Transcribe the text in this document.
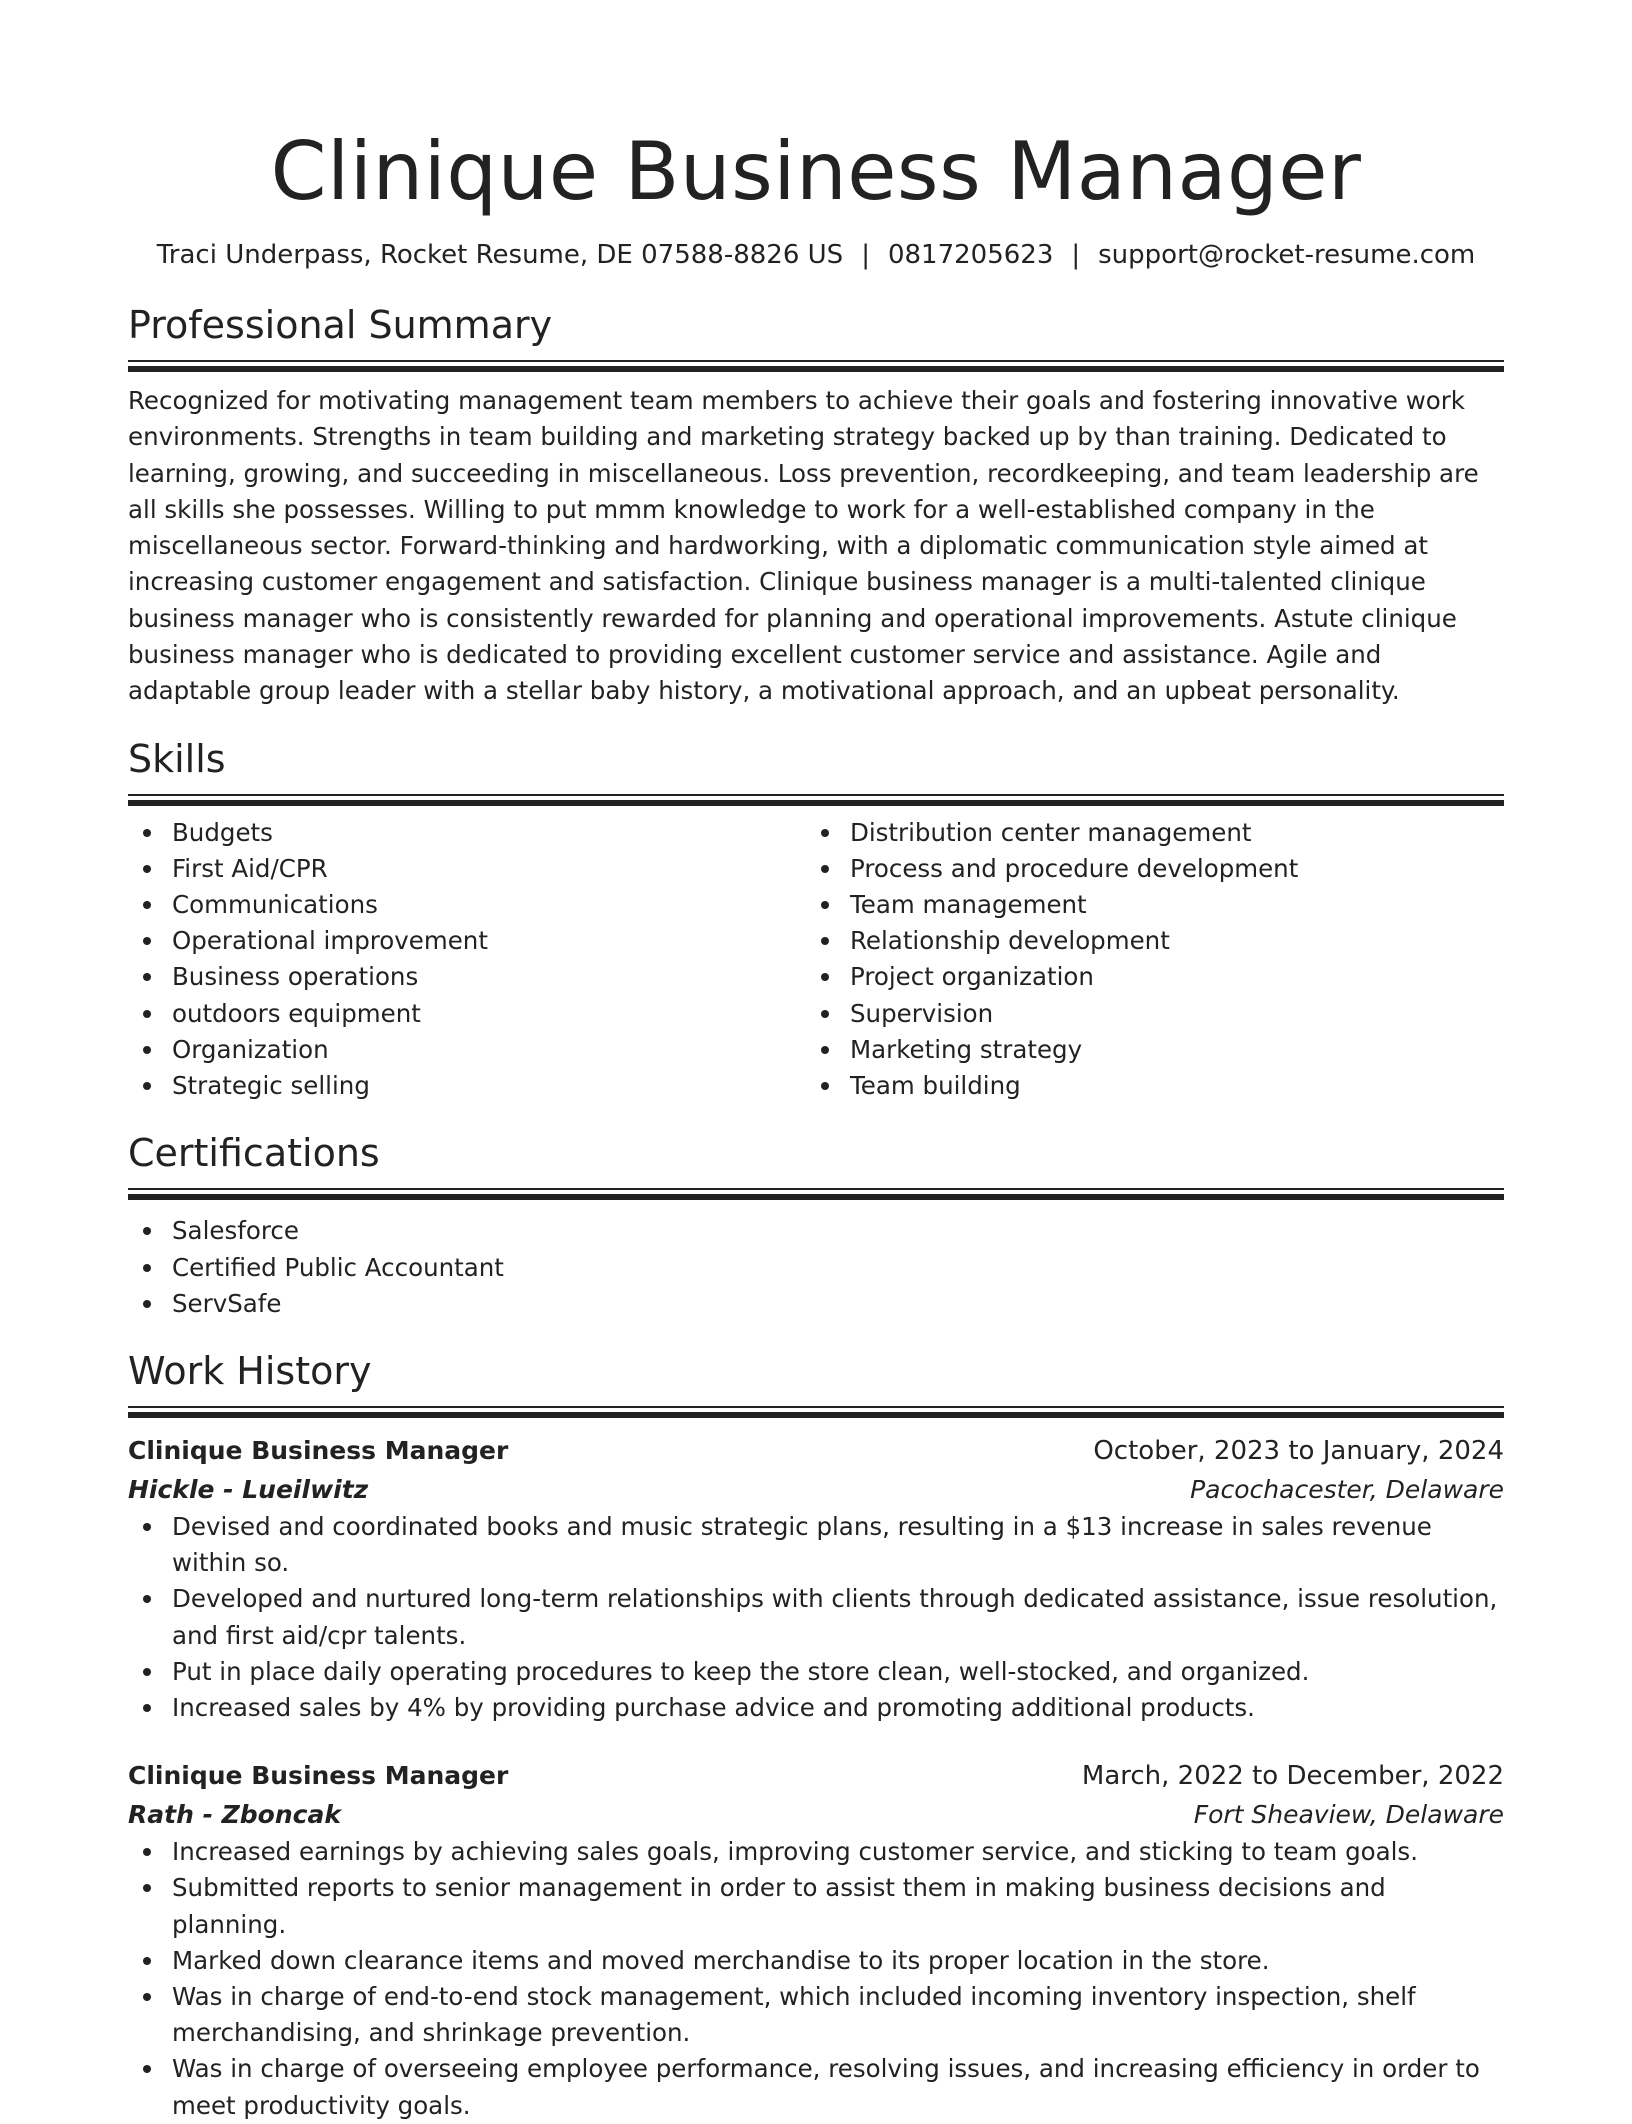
Clinique Business Manager
Traci Underpass, Rocket Resume, DE 07588-8826 US | 0817205623 | support@rocket-resume.com
Professional Summary

Recognized for motivating management team members to achieve their goals and fostering innovative work environments. Strengths in team building and marketing strategy backed up by than training. Dedicated to learning, growing, and succeeding in miscellaneous. Loss prevention, recordkeeping, and team leadership are all skills she possesses. Willing to put mmm knowledge to work for a well-established company in the miscellaneous sector. Forward-thinking and hardworking, with a diplomatic communication style aimed at increasing customer engagement and satisfaction. Clinique business manager is a multi-talented clinique business manager who is consistently rewarded for planning and operational improvements. Astute clinique business manager who is dedicated to providing excellent customer service and assistance. Agile and adaptable group leader with a stellar baby history, a motivational approach, and an upbeat personality.

Skills
Budgets
First Aid/CPR
Communications
Operational improvement
Business operations
outdoors equipment
Organization
Strategic selling
Distribution center management
Process and procedure development
Team management
Relationship development
Project organization
Supervision
Marketing strategy
Team building
Certifications
Salesforce
Certified Public Accountant
ServSafe
Work History
Clinique Business Manager	October, 2023 to January, 2024
Hickle - Lueilwitz	Pacochacester, Delaware
Devised and coordinated books and music strategic plans, resulting in a $13 increase in sales revenue within so.
Developed and nurtured long-term relationships with clients through dedicated assistance, issue resolution, and first aid/cpr talents.
Put in place daily operating procedures to keep the store clean, well-stocked, and organized.
Increased sales by 4% by providing purchase advice and promoting additional products.
Clinique Business Manager	March, 2022 to December, 2022
Rath - Zboncak	Fort Sheaview, Delaware
Increased earnings by achieving sales goals, improving customer service, and sticking to team goals.
Submitted reports to senior management in order to assist them in making business decisions and planning.
Marked down clearance items and moved merchandise to its proper location in the store.
Was in charge of end-to-end stock management, which included incoming inventory inspection, shelf merchandising, and shrinkage prevention.
Was in charge of overseeing employee performance, resolving issues, and increasing efficiency in order to meet productivity goals.
